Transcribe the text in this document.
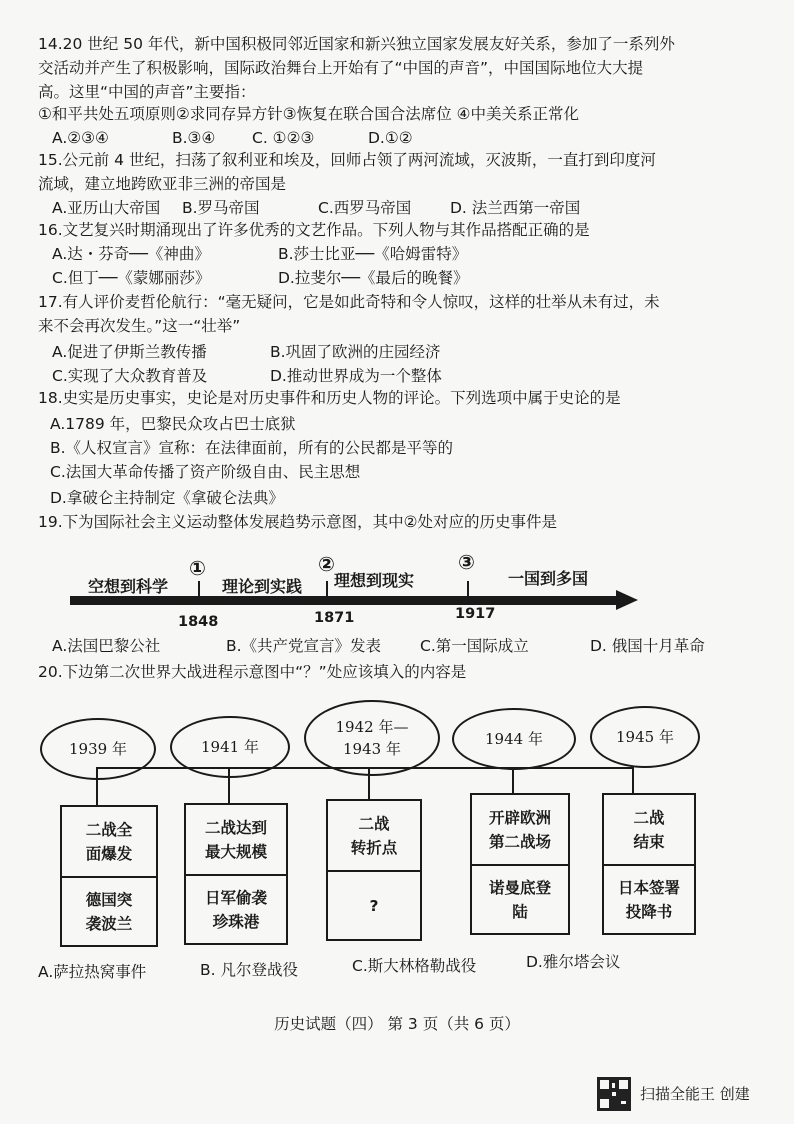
14.20 世纪 50 年代，新中国积极同邻近国家和新兴独立国家发展友好关系，参加了一系列外
交活动并产生了积极影响，国际政治舞台上开始有了“中国的声音”，中国国际地位大大提
高。这里“中国的声音”主要指：
①和平共处五项原则②求同存异方针③恢复在联合国合法席位 ④中美关系正常化
A.②③④	B.③④ C. ①②③	D.①②
15.公元前 4 世纪，扫荡了叙利亚和埃及，回师占领了两河流域，灭波斯，一直打到印度河
流域，建立地跨欧亚非三洲的帝国是
A.亚历山大帝国 B.罗马帝国	C.西罗马帝国 D. 法兰西第一帝国
16.文艺复兴时期涌现出了许多优秀的文艺作品。下列人物与其作品搭配正确的是
A.达・芬奇──《神曲》	B.莎士比亚──《哈姆雷特》
C.但丁──《蒙娜丽莎》	D.拉斐尔──《最后的晚餐》
17.有人评价麦哲伦航行：“毫无疑问，它是如此奇特和令人惊叹，这样的壮举从未有过，未
来不会再次发生。”这一“壮举”
A.促进了伊斯兰教传播	B.巩固了欧洲的庄园经济
C.实现了大众教育普及	D.推动世界成为一个整体
18.史实是历史事实，史论是对历史事件和历史人物的评论。下列选项中属于史论的是
A.1789 年，巴黎民众攻占巴士底狱
B.《人权宣言》宣称：在法律面前，所有的公民都是平等的
C.法国大革命传播了资产阶级自由、民主思想
D.拿破仑主持制定《拿破仑法典》
19.下为国际社会主义运动整体发展趋势示意图，其中②处对应的历史事件是
空想到科学	理论到实践 理想到现实	一国到多国
①	②	③
1848	1871	1917
A.法国巴黎公社	B.《共产党宣言》发表	C.第一国际成立	D. 俄国十月革命
20.下边第二次世界大战进程示意图中“？”处应该填入的内容是
1939 年	1941 年
1942 年—
1943 年
1944 年	1945 年
二战全
面爆发
德国突
袭波兰
二战达到
最大规模
日军偷袭
珍珠港
二战
转折点
?
开辟欧洲
第二战场
诺曼底登
陆
二战
结束
日本签署
投降书
A.萨拉热窝事件	B. 凡尔登战役	C.斯大林格勒战役	D.雅尔塔会议
历史试题（四） 第 3 页（共 6 页）
扫描全能王 创建
